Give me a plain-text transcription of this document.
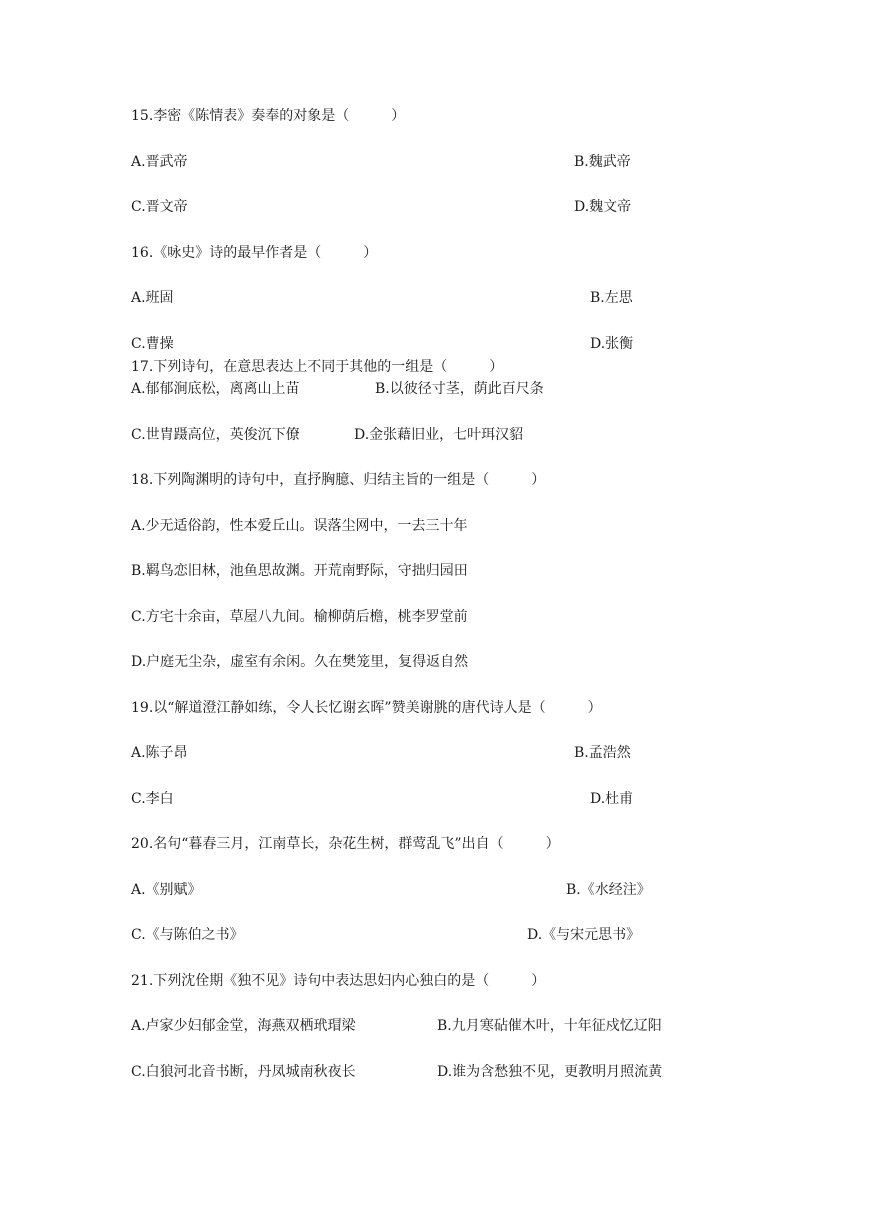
15.李密《陈情表》奏奉的对象是（　　　）
A.晋武帝	B.魏武帝
C.晋文帝	D.魏文帝
16.《咏史》诗的最早作者是（　　　）
A.班固	B.左思
C.曹操	D.张衡
17.下列诗句，在意思表达上不同于其他的一组是（　　　）
A.郁郁涧底松，离离山上苗	B.以彼径寸茎，荫此百尺条
C.世胄蹑高位，英俊沉下僚	D.金张藉旧业，七叶珥汉貂
18.下列陶渊明的诗句中，直抒胸臆、归结主旨的一组是（　　　）
A.少无适俗韵，性本爱丘山。误落尘网中，一去三十年
B.羁鸟恋旧林，池鱼思故渊。开荒南野际，守拙归园田
C.方宅十余亩，草屋八九间。榆柳荫后檐，桃李罗堂前
D.户庭无尘杂，虚室有余闲。久在樊笼里，复得返自然
19.以“解道澄江静如练，令人长忆谢玄晖”赞美谢朓的唐代诗人是（　　　）
A.陈子昂	B.孟浩然
C.李白	D.杜甫
20.名句“暮春三月，江南草长，杂花生树，群莺乱飞”出自（　　　）
A.《别赋》	B.《水经注》
C.《与陈伯之书》	D.《与宋元思书》
21.下列沈佺期《独不见》诗句中表达思妇内心独白的是（　　　）
A.卢家少妇郁金堂，海燕双栖玳瑁梁	B.九月寒砧催木叶，十年征戍忆辽阳
C.白狼河北音书断，丹凤城南秋夜长	D.谁为含愁独不见，更教明月照流黄
